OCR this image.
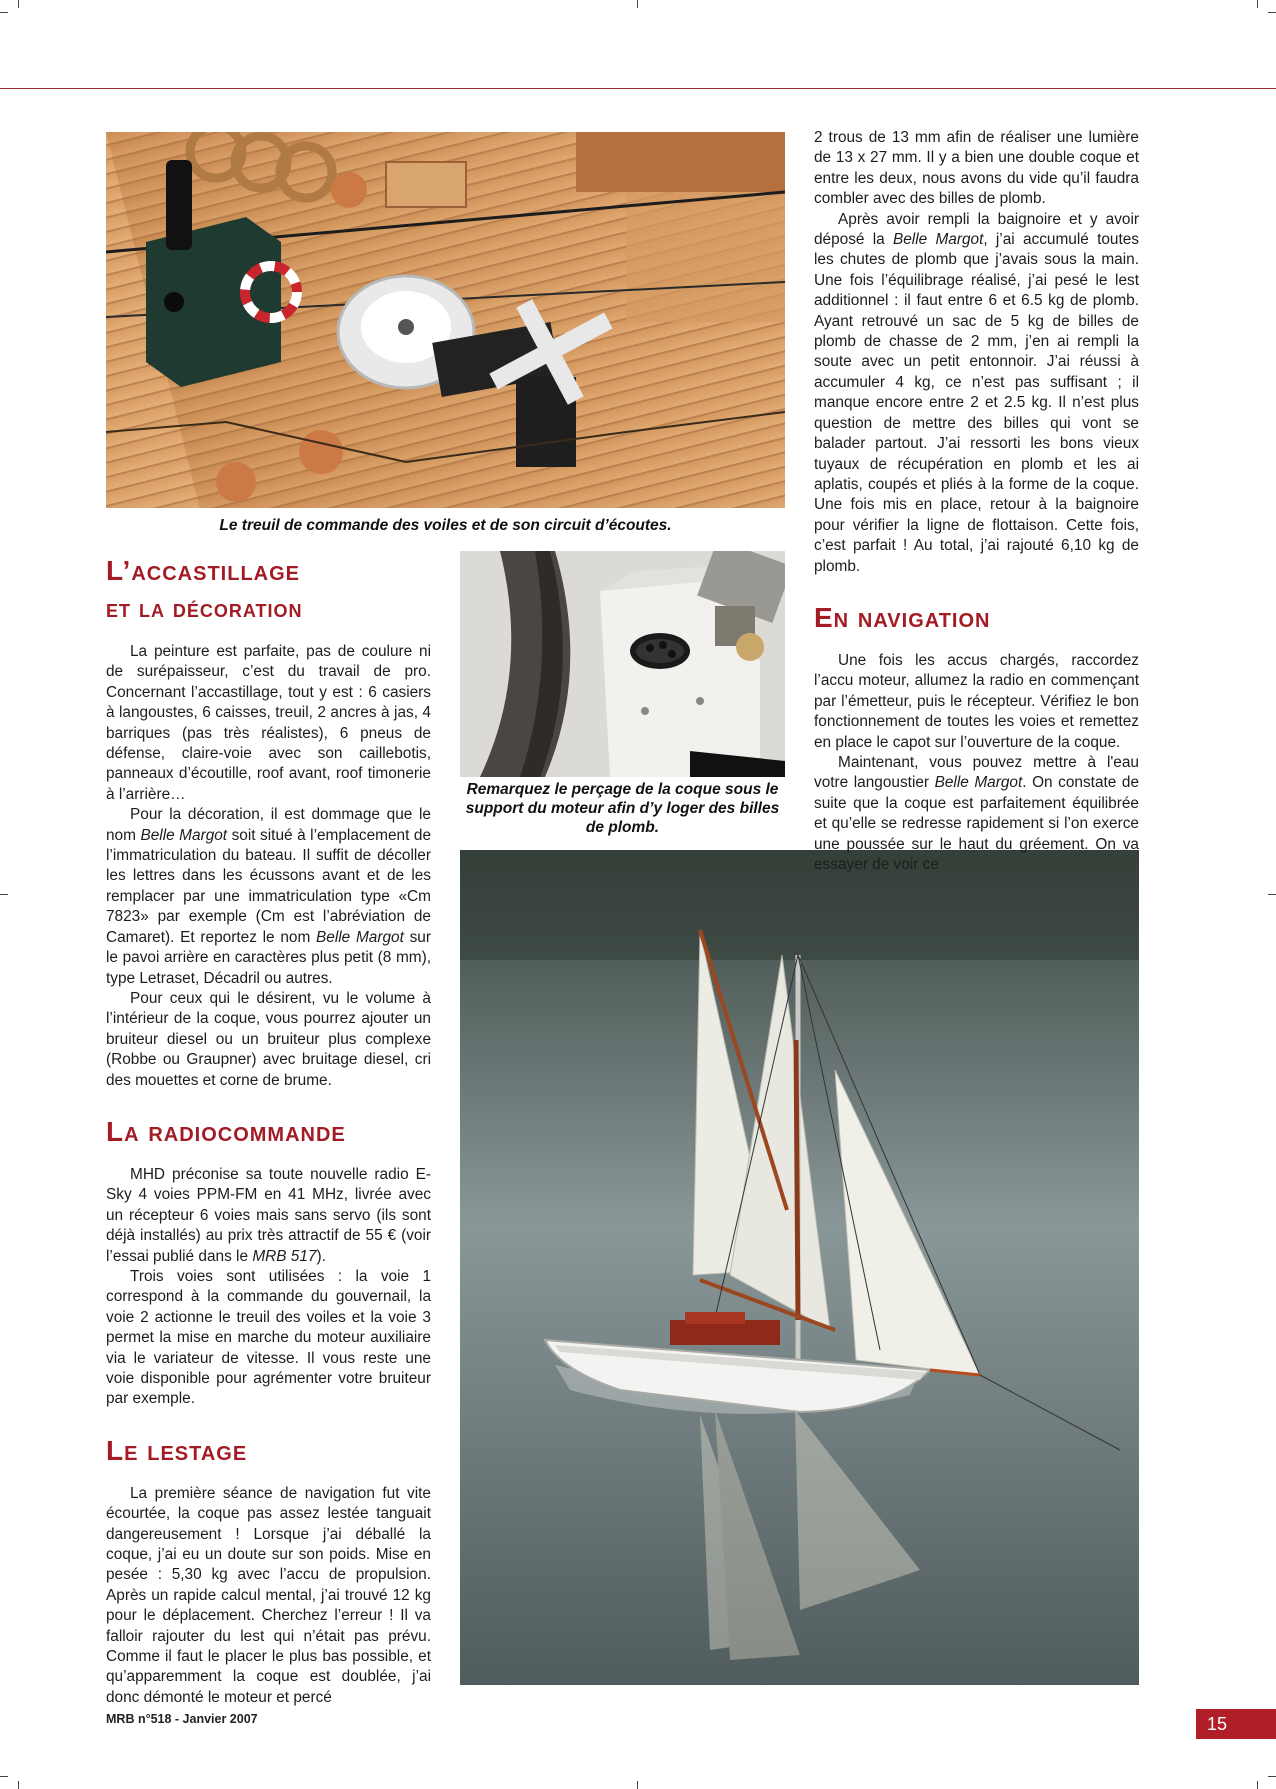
Le treuil de commande des voiles et de son circuit d’écoutes.
Remarquez le perçage de la coque sous le support du moteur afin d’y loger des billes de plomb.
L’accastillage
et la décoration

La peinture est parfaite, pas de coulure ni de surépaisseur, c’est du travail de pro. Concernant l’accastillage, tout y est : 6 casiers à langoustes, 6 caisses, treuil, 2 ancres à jas, 4 barriques (pas très réalistes), 6 pneus de défense, claire-voie avec son caillebotis, panneaux d’écoutille, roof avant, roof timonerie à l’arrière…

Pour la décoration, il est dommage que le nom Belle Margot soit situé à l’emplacement de l’immatriculation du bateau. Il suffit de décoller les lettres dans les écussons avant et de les remplacer par une immatriculation type «Cm 7823» par exemple (Cm est l’abréviation de Camaret). Et reportez le nom Belle Margot sur le pavoi arrière en caractères plus petit (8 mm), type Letraset, Décadril ou autres.

Pour ceux qui le désirent, vu le volume à l’intérieur de la coque, vous pourrez ajouter un bruiteur diesel ou un bruiteur plus complexe (Robbe ou Graupner) avec bruitage diesel, cri des mouettes et corne de brume.

La radiocommande

MHD préconise sa toute nouvelle radio E-Sky 4 voies PPM-FM en 41 MHz, livrée avec un récepteur 6 voies mais sans servo (ils sont déjà installés) au prix très attractif de 55 € (voir l’essai publié dans le MRB 517).

Trois voies sont utilisées : la voie 1 correspond à la commande du gouvernail, la voie 2 actionne le treuil des voiles et la voie 3 permet la mise en marche du moteur auxiliaire via le variateur de vitesse. Il vous reste une voie disponible pour agrémenter votre bruiteur par exemple.

Le lestage

La première séance de navigation fut vite écourtée, la coque pas assez lestée tanguait dangereusement ! Lorsque j’ai déballé la coque, j’ai eu un doute sur son poids. Mise en pesée : 5,30 kg avec l’accu de propulsion. Après un rapide calcul mental, j’ai trouvé 12 kg pour le déplacement. Cherchez l’erreur ! Il va falloir rajouter du lest qui n’était pas prévu. Comme il faut le placer le plus bas possible, et qu’apparemment la coque est doublée, j’ai donc démonté le moteur et percé

2 trous de 13 mm afin de réaliser une lumière de 13 x 27 mm. Il y a bien une double coque et entre les deux, nous avons du vide qu’il faudra combler avec des billes de plomb.

Après avoir rempli la baignoire et y avoir déposé la Belle Margot, j’ai accumulé toutes les chutes de plomb que j’avais sous la main. Une fois l’équilibrage réalisé, j’ai pesé le lest additionnel : il faut entre 6 et 6.5 kg de plomb. Ayant retrouvé un sac de 5 kg de billes de plomb de chasse de 2 mm, j’en ai rempli la soute avec un petit entonnoir. J’ai réussi à accumuler 4 kg, ce n’est pas suffisant ; il manque encore entre 2 et 2.5 kg. Il n’est plus question de mettre des billes qui vont se balader partout. J’ai ressorti les bons vieux tuyaux de récupération en plomb et les ai aplatis, coupés et pliés à la forme de la coque. Une fois mis en place, retour à la baignoire pour vérifier la ligne de flottaison. Cette fois, c’est parfait ! Au total, j’ai rajouté 6,10 kg de plomb.

En navigation

Une fois les accus chargés, raccordez l’accu moteur, allumez la radio en commençant par l’émetteur, puis le récepteur. Vérifiez le bon fonctionnement de toutes les voies et remettez en place le capot sur l’ouverture de la coque.

Maintenant, vous pouvez mettre à l'eau votre langoustier Belle Margot. On constate de suite que la coque est parfaitement équilibrée et qu’elle se redresse rapidement si l’on exerce une poussée sur le haut du gréement. On va essayer de voir ce

MRB n°518 - Janvier 2007	15
